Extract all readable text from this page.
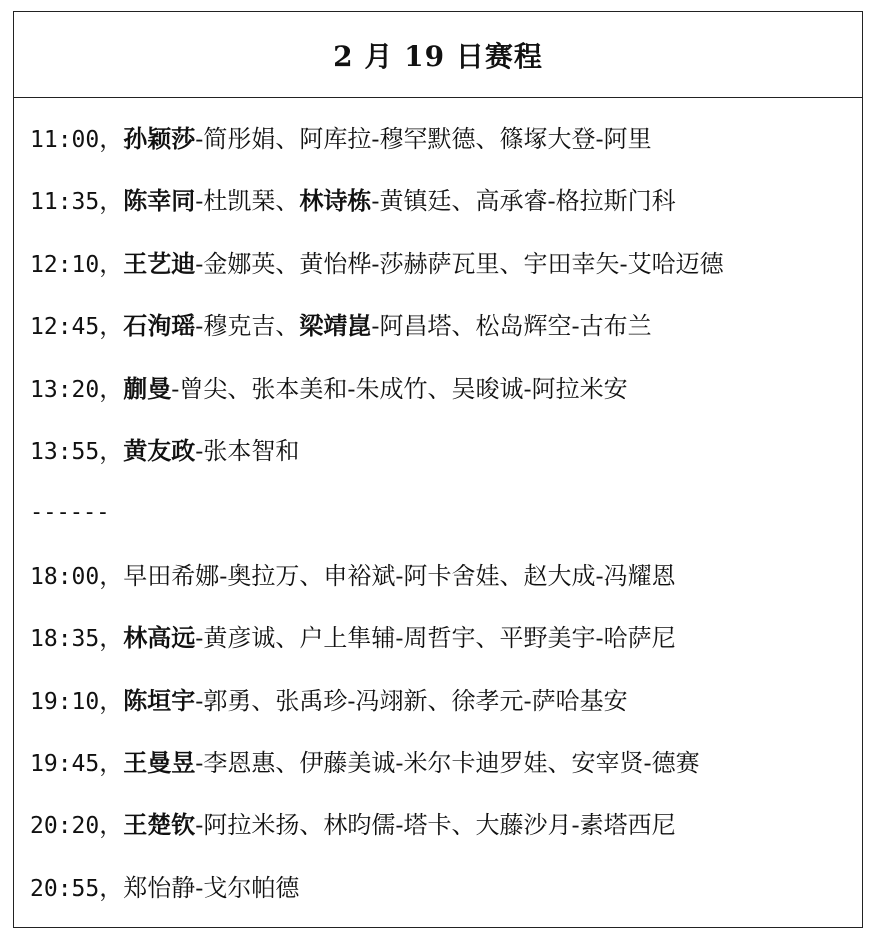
2 月 19 日赛程
11:00，孙颖莎-简彤娟、阿库拉-穆罕默德、篠塚大登-阿里
11:35，陈幸同-杜凯琹、林诗栋-黄镇廷、高承睿-格拉斯门科
12:10，王艺迪-金娜英、黄怡桦-莎赫萨瓦里、宇田幸矢-艾哈迈德
12:45，石洵瑶-穆克吉、梁靖崑-阿昌塔、松岛辉空-古布兰
13:20，蒯曼-曾尖、张本美和-朱成竹、吴晙诚-阿拉米安
13:55，黄友政-张本智和
------
18:00，早田希娜-奥拉万、申裕斌-阿卡舍娃、赵大成-冯耀恩
18:35，林高远-黄彦诚、户上隼辅-周哲宇、平野美宇-哈萨尼
19:10，陈垣宇-郭勇、张禹珍-冯翊新、徐孝元-萨哈基安
19:45，王曼昱-李恩惠、伊藤美诚-米尔卡迪罗娃、安宰贤-德赛
20:20，王楚钦-阿拉米扬、林昀儒-塔卡、大藤沙月-素塔西尼
20:55，郑怡静-戈尔帕德
